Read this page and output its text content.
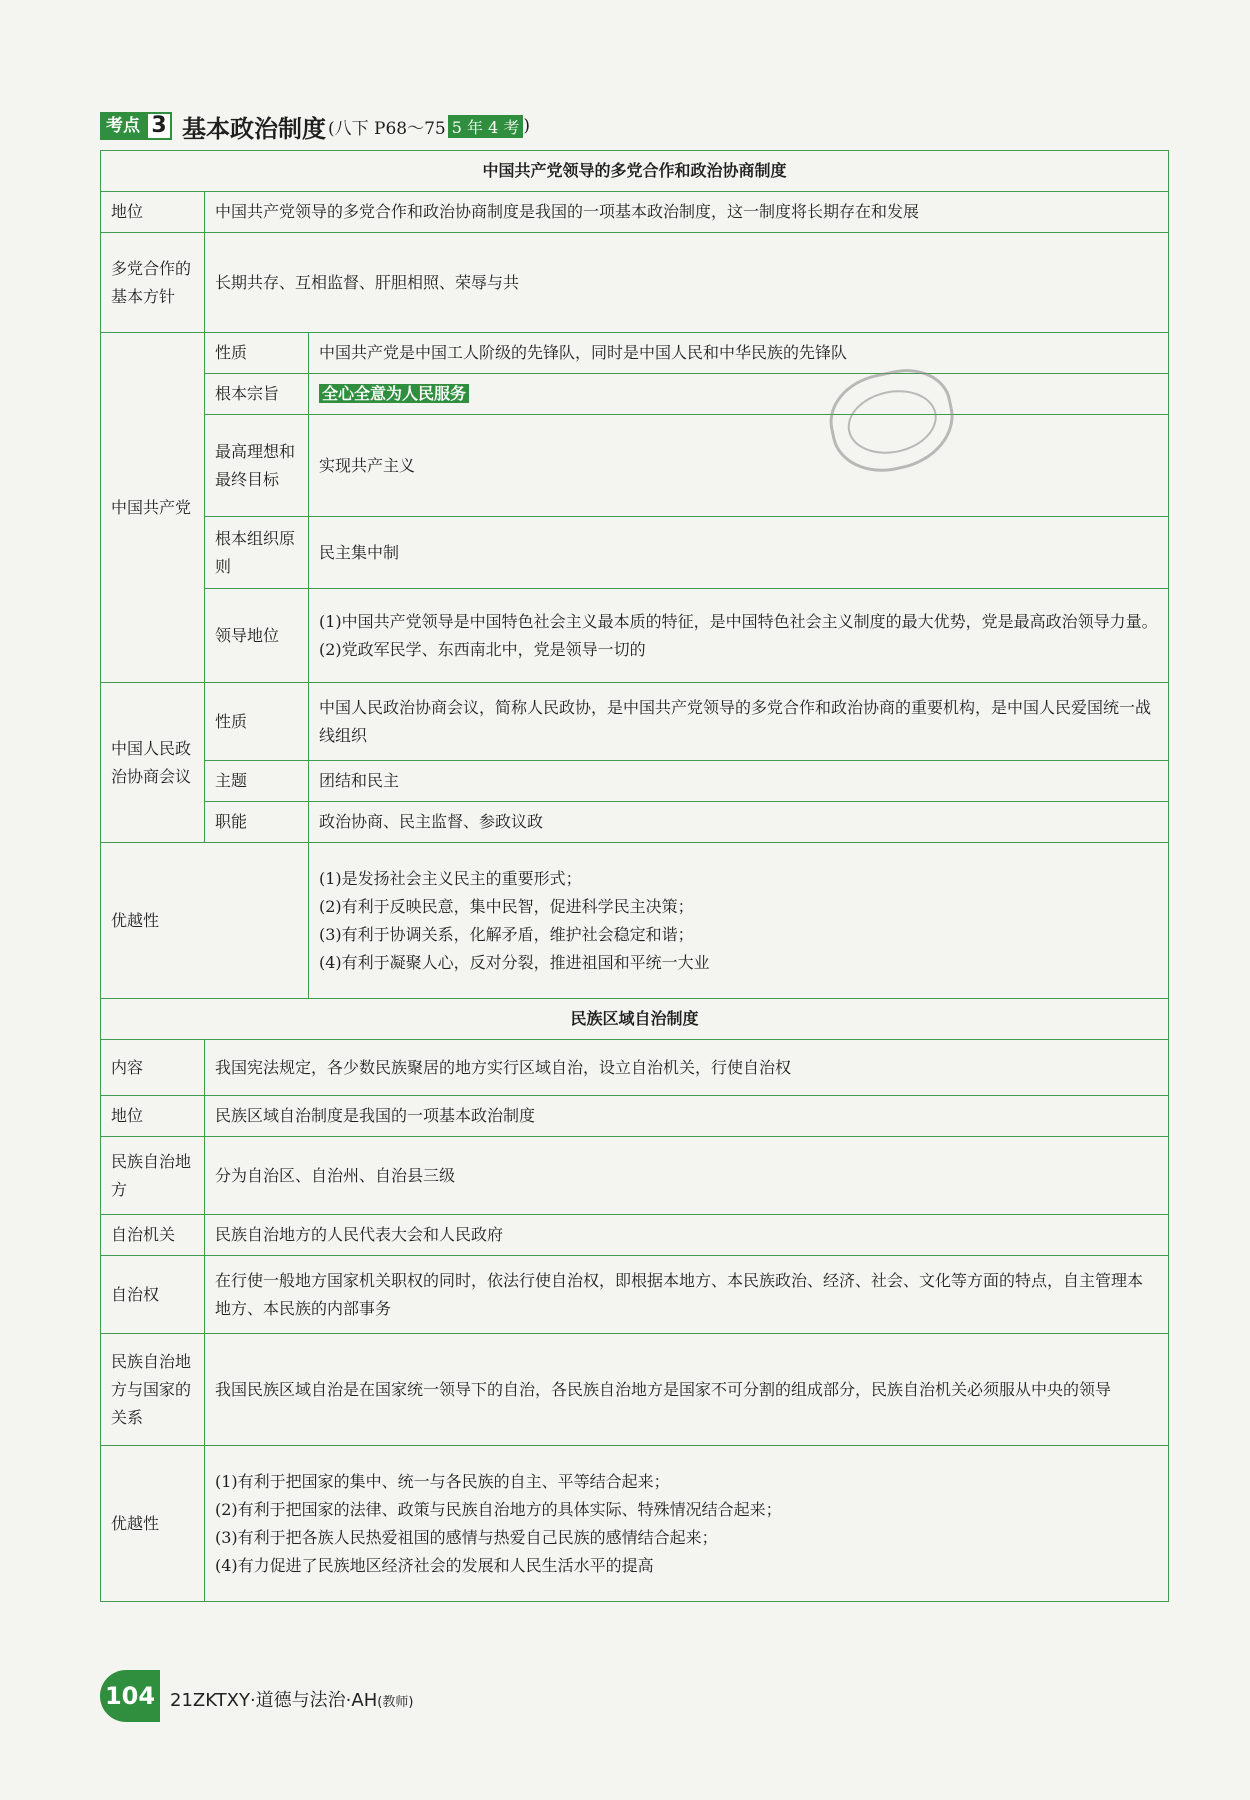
考点 3 基本政治制度 (八下 P68～75 5 年 4 考 )
中国共产党领导的多党合作和政治协商制度		
地位	中国共产党领导的多党合作和政治协商制度是我国的一项基本政治制度，这一制度将长期存在和发展	
多党合作的基本方针	长期共存、互相监督、肝胆相照、荣辱与共	
中国共产党	性质	中国共产党是中国工人阶级的先锋队，同时是中国人民和中华民族的先锋队
	根本宗旨	全心全意为人民服务
	最高理想和最终目标	实现共产主义
	根本组织原则	民主集中制
	领导地位	(1)中国共产党领导是中国特色社会主义最本质的特征，是中国特色社会主义制度的最大优势，党是最高政治领导力量。
(2)党政军民学、东西南北中，党是领导一切的

中国人民政治协商会议	性质	中国人民政治协商会议，简称人民政协，是中国共产党领导的多党合作和政治协商的重要机构，是中国人民爱国统一战线组织
	主题	团结和民主
	职能	政治协商、民主监督、参政议政
优越性		(1)是发扬社会主义民主的重要形式；
(2)有利于反映民意，集中民智，促进科学民主决策；
(3)有利于协调关系，化解矛盾，维护社会稳定和谐；
(4)有利于凝聚人心，反对分裂，推进祖国和平统一大业

民族区域自治制度		
内容	我国宪法规定，各少数民族聚居的地方实行区域自治，设立自治机关，行使自治权	
地位	民族区域自治制度是我国的一项基本政治制度	
民族自治地方	分为自治区、自治州、自治县三级	
自治机关	民族自治地方的人民代表大会和人民政府	
自治权	在行使一般地方国家机关职权的同时，依法行使自治权，即根据本地方、本民族政治、经济、社会、文化等方面的特点，自主管理本地方、本民族的内部事务	
民族自治地方与国家的关系	我国民族区域自治是在国家统一领导下的自治，各民族自治地方是国家不可分割的组成部分，民族自治机关必须服从中央的领导	
优越性	(1)有利于把国家的集中、统一与各民族的自主、平等结合起来；
(2)有利于把国家的法律、政策与民族自治地方的具体实际、特殊情况结合起来；
(3)有利于把各族人民热爱祖国的感情与热爱自己民族的感情结合起来；
(4)有力促进了民族地区经济社会的发展和人民生活水平的提高	
104 21ZKTXY·道德与法治·AH(教师)
